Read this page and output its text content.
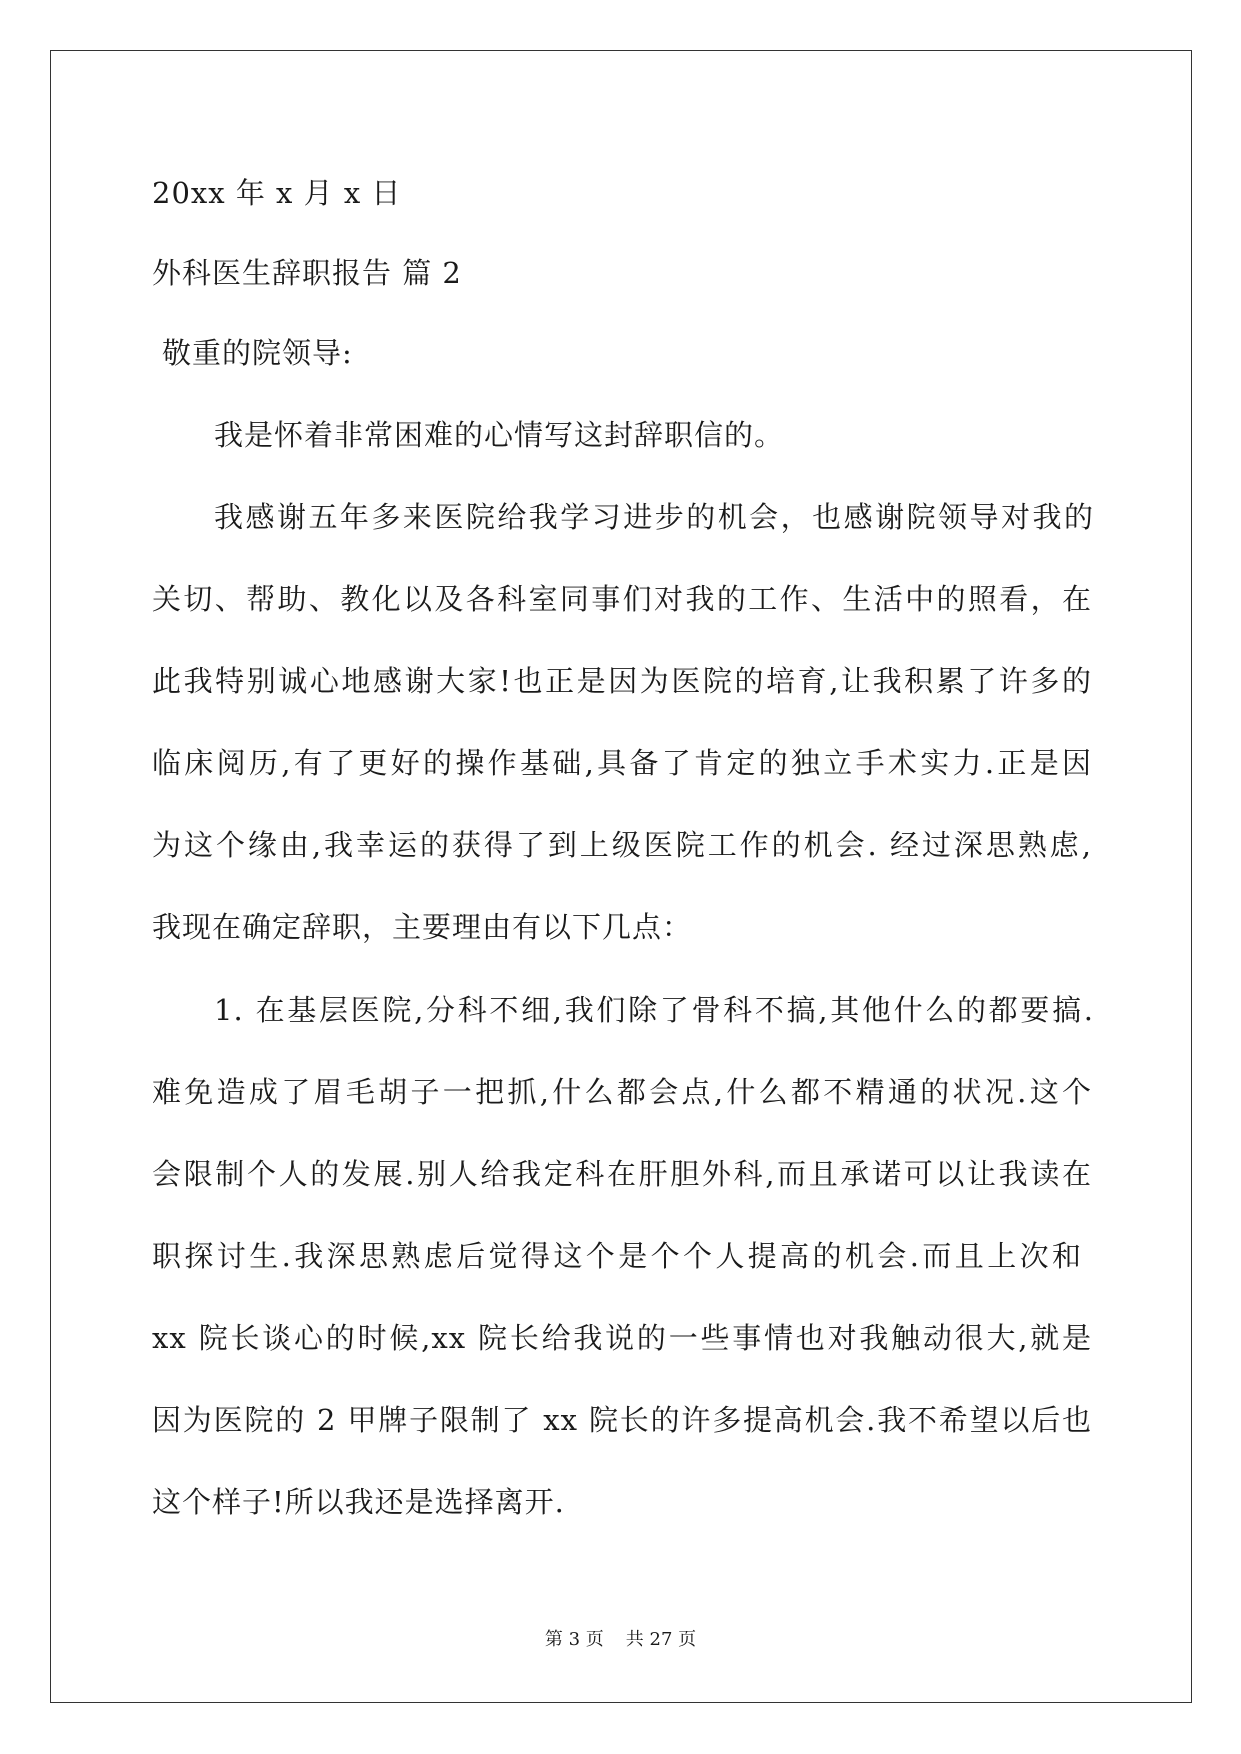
20xx 年 x 月 x 日
外科医生辞职报告 篇 2
敬重的院领导:
我是怀着非常困难的心情写这封辞职信的。
我感谢五年多来医院给我学习进步的机会，也感谢院领导对我的
关切、帮助、教化以及各科室同事们对我的工作、生活中的照看，在
此我特别诚心地感谢大家!也正是因为医院的培育,让我积累了许多的
临床阅历,有了更好的操作基础,具备了肯定的独立手术实力.正是因
为这个缘由,我幸运的获得了到上级医院工作的机会. 经过深思熟虑,
我现在确定辞职，主要理由有以下几点：
1. 在基层医院,分科不细,我们除了骨科不搞,其他什么的都要搞.
难免造成了眉毛胡子一把抓,什么都会点,什么都不精通的状况.这个
会限制个人的发展.别人给我定科在肝胆外科,而且承诺可以让我读在
职探讨生.我深思熟虑后觉得这个是个个人提高的机会.而且上次和
xx 院长谈心的时候,xx 院长给我说的一些事情也对我触动很大,就是
因为医院的 2 甲牌子限制了 xx 院长的许多提高机会.我不希望以后也
这个样子!所以我还是选择离开.
第 3 页 共 27 页
